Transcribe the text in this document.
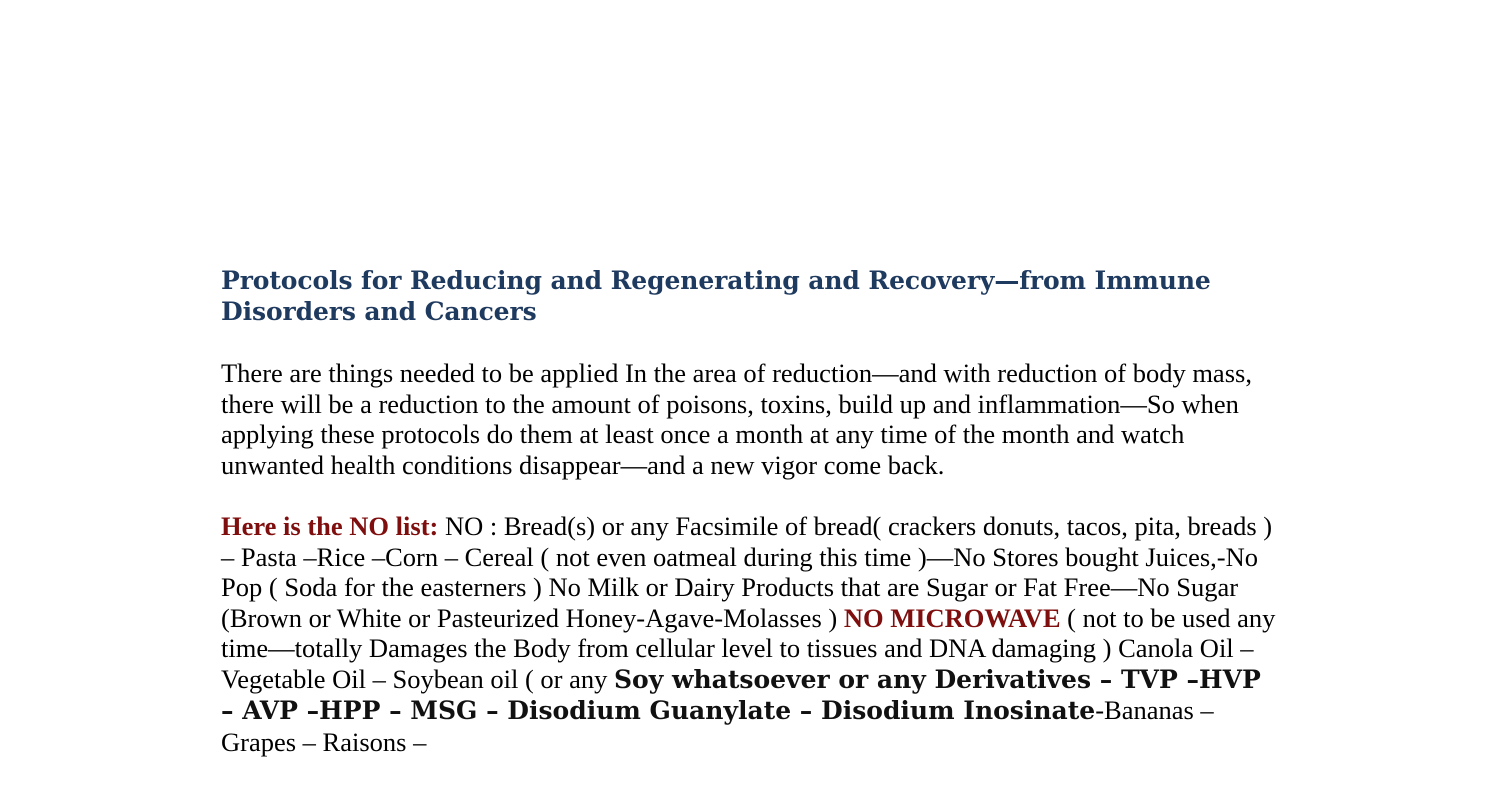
Protocols for Reducing and Regenerating and Recovery—from Immune Disorders and Cancers

There are things needed to be applied In the area of reduction—and with reduction of body mass, there will be a reduction to the amount of poisons, toxins, build up and inflammation—So when applying these protocols do them at least once a month at any time of the month and watch unwanted health conditions disappear—and a new vigor come back.

Here is the NO list: NO : Bread(s) or any Facsimile of bread( crackers donuts, tacos, pita, breads ) – Pasta –Rice –Corn – Cereal ( not even oatmeal during this time )—No Stores bought Juices,-No Pop ( Soda for the easterners ) No Milk or Dairy Products that are Sugar or Fat Free—No Sugar (Brown or White or Pasteurized Honey-Agave-Molasses ) NO MICROWAVE ( not to be used any time—totally Damages the Body from cellular level to tissues and DNA damaging ) Canola Oil – Vegetable Oil – Soybean oil ( or any Soy whatsoever or any Derivatives – TVP –HVP – AVP –HPP – MSG – Disodium Guanylate – Disodium Inosinate-Bananas – Grapes – Raisons –
